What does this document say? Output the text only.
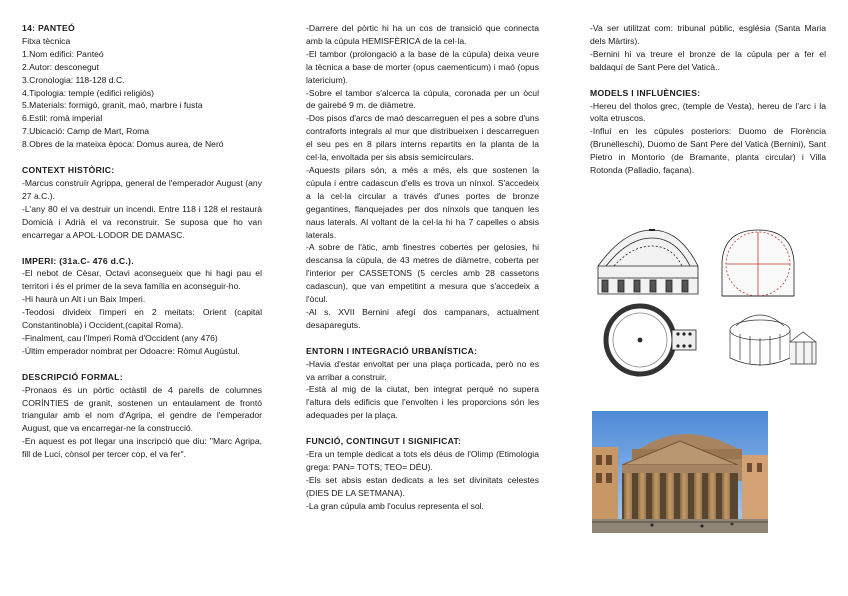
14: PANTEÓ

Fitxa tècnica

1.Nom edifici: Panteó

2.Autor: desconegut

3.Cronologia: 118-128 d.C.

4.Tipologia: temple (edifici religiós)

5.Materials: formigó, granit, maó, marbre i fusta

6.Estil: romà imperial

7.Ubicació: Camp de Mart, Roma

8.Obres de la mateixa època: Domus aurea, de Neró

CONTEXT HISTÒRIC:

-Marcus construïr Agrippa, general de l'emperador August (any 27 a.C.).

-L'any 80 el va destruir un incendi. Entre 118 i 128 el restaurà Domicià i Adrià el va reconstruir. Se suposa que ho van encarregar a APOL·LODOR DE DAMASC.

IMPERI: (31a.C- 476 d.C.).

-El nebot de Cèsar, Octavi aconsegueix que hi hagi pau el territori i és el primer de la seva família en aconseguir-ho.

-Hi haurà un Alt i un Baix Imperi.

-Teodosi divideix l'imperi en 2 meitats: Orient (capital Constantinobla) i Occident,(capital Roma).

-Finalment, cau l'Imperi Romà d'Occident (any 476)

-Últim emperador nombrat per Odoacre: Ròmul Augústul.

DESCRIPCIÓ FORMAL:

-Pronaos és un pòrtic octàstil de 4 parells de columnes CORÍNTIES de granit, sostenen un entaulament de frontó triangular amb el nom d'Agripa, el gendre de l'emperador August, que va encarregar-ne la construcció.

-En aquest es pot llegar una inscripció que diu: "Marc Agripa, fill de Luci, cònsol per tercer cop, el va fer".

-Darrere del pòrtic hi ha un cos de transició que connecta amb la cúpula HEMISFÈRICA de la cel·la.

-El tambor (prolongació a la base de la cúpula) deixa veure la tècnica a base de morter (opus caementicum) i maó (opus latericium).

-Sobre el tambor s'alcerca la cúpula, coronada per un òcul de gairebé 9 m. de diàmetre.

-Dos pisos d'arcs de maó descarreguen el pes a sobre d'uns contraforts integrals al mur que distribueixen i descarreguen el seu pes en 8 pilars interns repartits en la planta de la cel·la, envoltada per sis absis semicirculars.

-Aquests pilars són, a més a més, els que sostenen la cúpula i entre cadascun d'ells es trova un nínxol. S'accedeix a la cel·la circular a través d'unes portes de bronze gegantines, flanquejades per dos nínxols que tanquen les naus laterals. Al voltant de la cel·la hi ha 7 capelles o absis laterals.

-A sobre de l'àtic, amb finestres cobertes per gelosies, hi descansa la cúpula, de 43 metres de diàmetre, coberta per l'interior per CASSETONS (5 cercles amb 28 cassetons cadascun), que van empetitint a mesura que s'accedeix a l'òcul.

-Al s. XVII Bernini afegí dos campanars, actualment desapareguts.

ENTORN I INTEGRACIÓ URBANÍSTICA:

-Havia d'estar envoltat per una plaça porticada, però no es va arribar a construir.

-Està al mig de la ciutat, ben integrat perquè no supera l'altura dels edificis que l'envolten i les proporcions són les adequades per la plaça.

FUNCIÓ, CONTINGUT I SIGNIFICAT:

-Era un temple dedicat a tots els déus de l'Olimp (Etimologia grega: PAN= TOTS; TEO= DÉU).

-Els set absis estan dedicats a les set divinitats celestes (DIES DE LA SETMANA).

-La gran cúpula amb l'oculus representa el sol.

-Va ser utilitzat com: tribunal públic, església (Santa Maria dels Màrtirs).

-Bernini hi va treure el bronze de la cúpula per a fer el baldaquí de Sant Pere del Vaticà..

MODELS I INFLUÈNCIES:

-Hereu del tholos grec, (temple de Vesta), hereu de l'arc i la volta etruscos.

-Influí en les cúpules posteriors: Duomo de Florència (Brunelleschi), Duomo de Sant Pere del Vaticà (Bernini), Sant Pietro in Montorio (de Bramante, planta circular) i Villa Rotonda (Palladio, façana).
